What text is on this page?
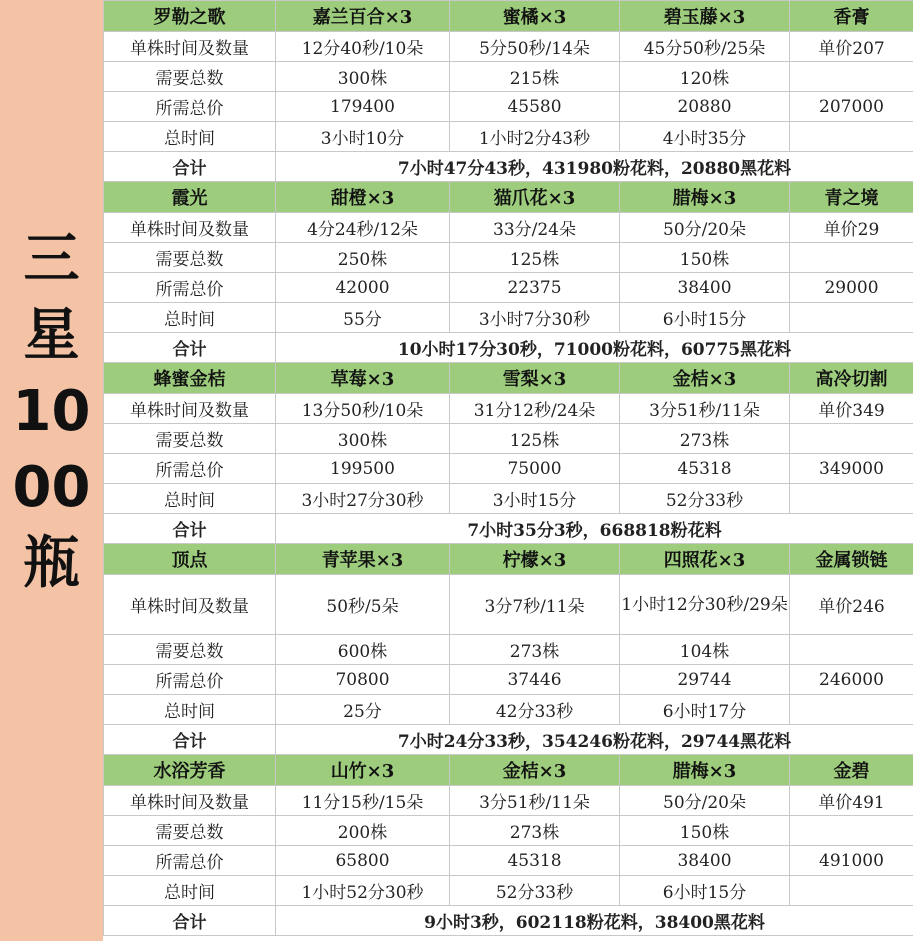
三
星
10
00
瓶
罗勒之歌	嘉兰百合×3	蜜橘×3	碧玉藤×3	香膏
单株时间及数量	12分40秒/10朵	5分50秒/14朵	45分50秒/25朵	单价207
需要总数	300株	215株	120株	
所需总价	179400	45580	20880	207000
总时间	3小时10分	1小时2分43秒	4小时35分	
合计	7小时47分43秒，431980粉花料，20880黑花料			
霞光	甜橙×3	猫爪花×3	腊梅×3	青之境
单株时间及数量	4分24秒/12朵	33分/24朵	50分/20朵	单价29
需要总数	250株	125株	150株	
所需总价	42000	22375	38400	29000
总时间	55分	3小时7分30秒	6小时15分	
合计	10小时17分30秒，71000粉花料，60775黑花料			
蜂蜜金桔	草莓×3	雪梨×3	金桔×3	高冷切割
单株时间及数量	13分50秒/10朵	31分12秒/24朵	3分51秒/11朵	单价349
需要总数	300株	125株	273株	
所需总价	199500	75000	45318	349000
总时间	3小时27分30秒	3小时15分	52分33秒	
合计	7小时35分3秒，668818粉花料			
顶点	青苹果×3	柠檬×3	四照花×3	金属锁链
单株时间及数量	50秒/5朵	3分7秒/11朵	1小时12分30秒/29朵	单价246
需要总数	600株	273株	104株	
所需总价	70800	37446	29744	246000
总时间	25分	42分33秒	6小时17分	
合计	7小时24分33秒，354246粉花料，29744黑花料			
水浴芳香	山竹×3	金桔×3	腊梅×3	金碧
单株时间及数量	11分15秒/15朵	3分51秒/11朵	50分/20朵	单价491
需要总数	200株	273株	150株	
所需总价	65800	45318	38400	491000
总时间	1小时52分30秒	52分33秒	6小时15分	
合计	9小时3秒，602118粉花料，38400黑花料			
